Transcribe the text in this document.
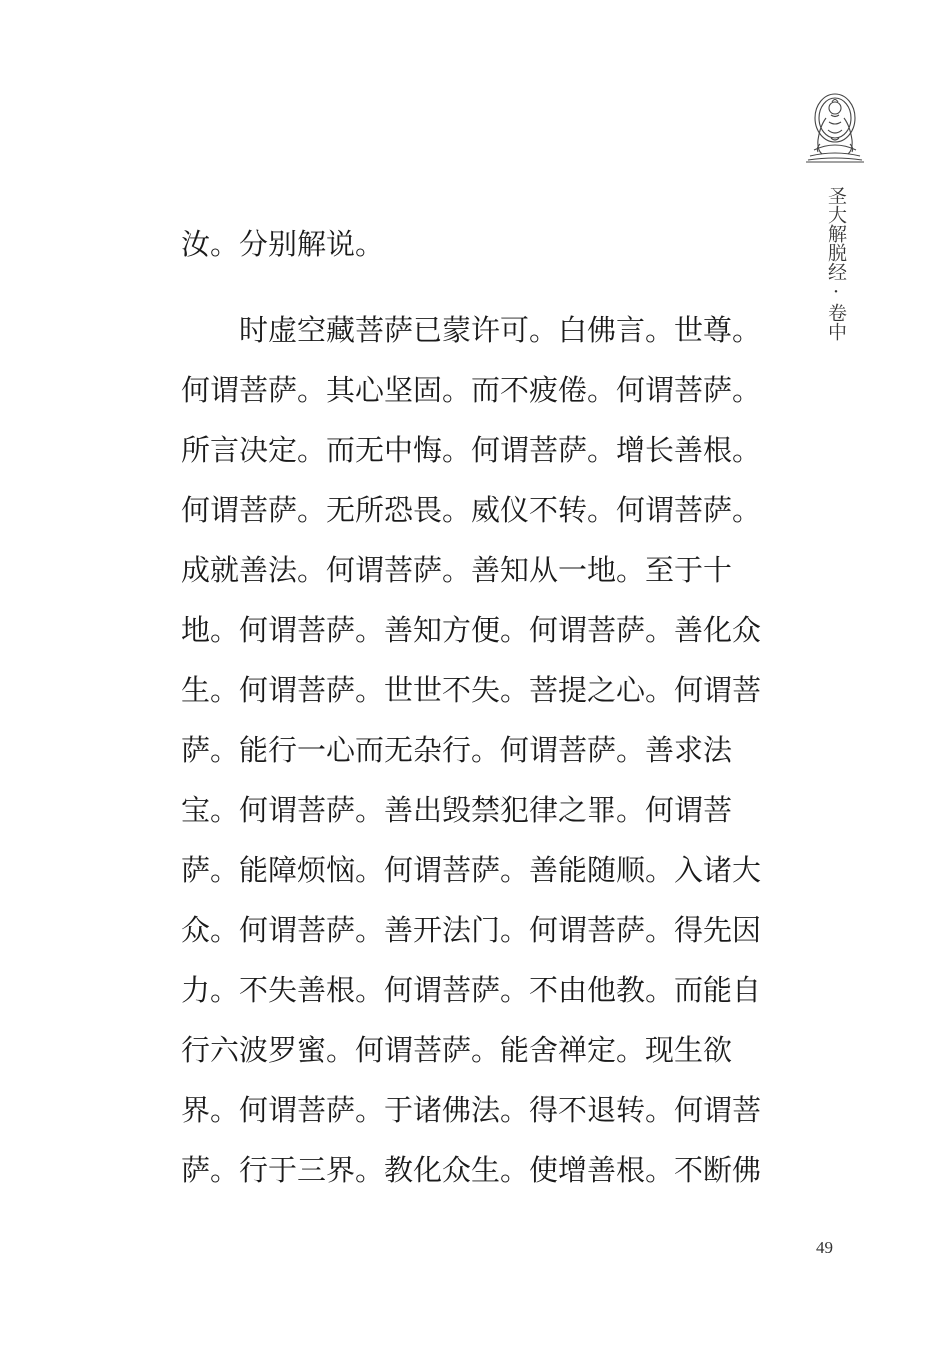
圣大解脱经·卷中
汝。分别解说。
时虚空藏菩萨已蒙许可。白佛言。世尊。
何谓菩萨。其心坚固。而不疲倦。何谓菩萨。
所言决定。而无中悔。何谓菩萨。增长善根。
何谓菩萨。无所恐畏。威仪不转。何谓菩萨。
成就善法。何谓菩萨。善知从一地。至于十
地。何谓菩萨。善知方便。何谓菩萨。善化众
生。何谓菩萨。世世不失。菩提之心。何谓菩
萨。能行一心而无杂行。何谓菩萨。善求法
宝。何谓菩萨。善出毁禁犯律之罪。何谓菩
萨。能障烦恼。何谓菩萨。善能随顺。入诸大
众。何谓菩萨。善开法门。何谓菩萨。得先因
力。不失善根。何谓菩萨。不由他教。而能自
行六波罗蜜。何谓菩萨。能舍禅定。现生欲
界。何谓菩萨。于诸佛法。得不退转。何谓菩
萨。行于三界。教化众生。使增善根。不断佛
49
